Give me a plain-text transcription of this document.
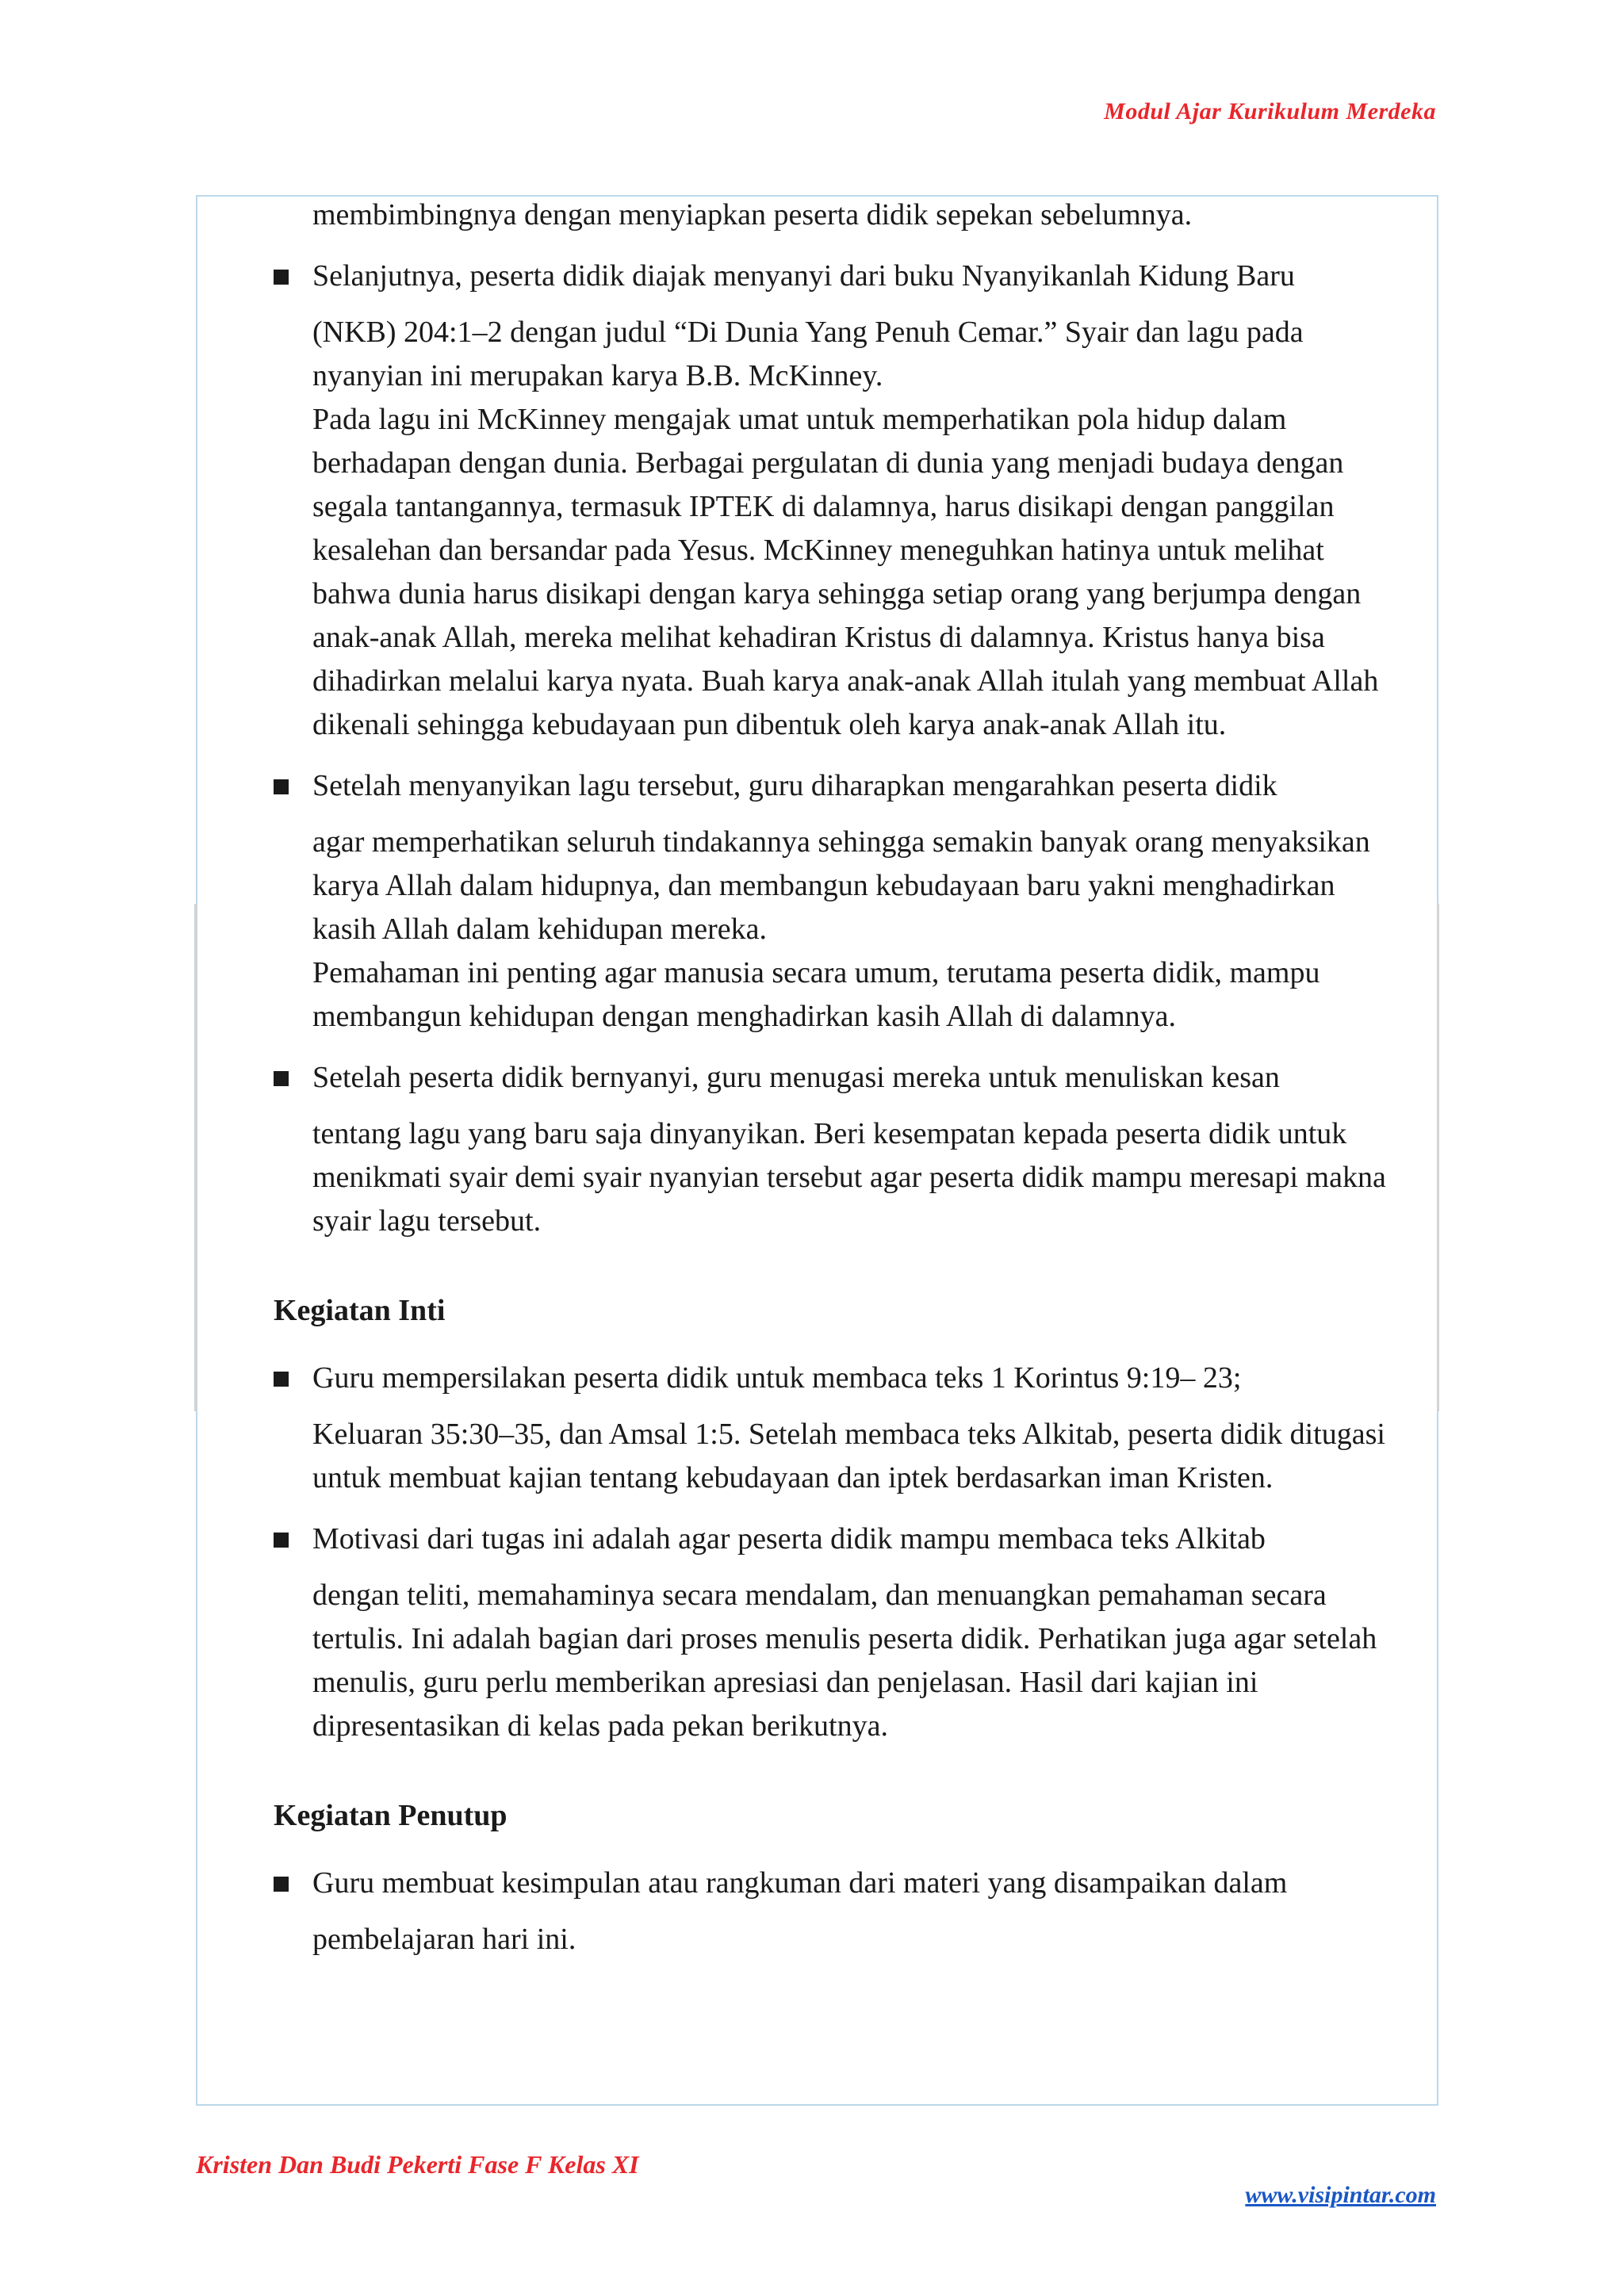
Modul Ajar Kurikulum Merdeka

membimbingnya dengan menyiapkan peserta didik sepekan sebelumnya.

Selanjutnya, peserta didik diajak menyanyi dari buku Nyanyikanlah Kidung Baru

(NKB) 204:1–2 dengan judul “Di Dunia Yang Penuh Cemar.” Syair dan lagu pada nyanyian ini merupakan karya B.B. McKinney.

Pada lagu ini McKinney mengajak umat untuk memperhatikan pola hidup dalam berhadapan dengan dunia. Berbagai pergulatan di dunia yang menjadi budaya dengan segala tantangannya, termasuk IPTEK di dalamnya, harus disikapi dengan panggilan kesalehan dan bersandar pada Yesus. McKinney meneguhkan hatinya untuk melihat bahwa dunia harus disikapi dengan karya sehingga setiap orang yang berjumpa dengan anak-anak Allah, mereka melihat kehadiran Kristus di dalamnya. Kristus hanya bisa dihadirkan melalui karya nyata. Buah karya anak-anak Allah itulah yang membuat Allah dikenali sehingga kebudayaan pun dibentuk oleh karya anak-anak Allah itu.

Setelah menyanyikan lagu tersebut, guru diharapkan mengarahkan peserta didik

agar memperhatikan seluruh tindakannya sehingga semakin banyak orang menyaksikan karya Allah dalam hidupnya, dan membangun kebudayaan baru yakni menghadirkan kasih Allah dalam kehidupan mereka.

Pemahaman ini penting agar manusia secara umum, terutama peserta didik, mampu membangun kehidupan dengan menghadirkan kasih Allah di dalamnya.

Setelah peserta didik bernyanyi, guru menugasi mereka untuk menuliskan kesan

tentang lagu yang baru saja dinyanyikan. Beri kesempatan kepada peserta didik untuk menikmati syair demi syair nyanyian tersebut agar peserta didik mampu meresapi makna syair lagu tersebut.

Kegiatan Inti

Guru mempersilakan peserta didik untuk membaca teks 1 Korintus 9:19– 23;

Keluaran 35:30–35, dan Amsal 1:5. Setelah membaca teks Alkitab, peserta didik ditugasi untuk membuat kajian tentang kebudayaan dan iptek berdasarkan iman Kristen.

Motivasi dari tugas ini adalah agar peserta didik mampu membaca teks Alkitab

dengan teliti, memahaminya secara mendalam, dan menuangkan pemahaman secara tertulis. Ini adalah bagian dari proses menulis peserta didik. Perhatikan juga agar setelah menulis, guru perlu memberikan apresiasi dan penjelasan. Hasil dari kajian ini dipresentasikan di kelas pada pekan berikutnya.

Kegiatan Penutup

Guru membuat kesimpulan atau rangkuman dari materi yang disampaikan dalam

pembelajaran hari ini.

Kristen Dan Budi Pekerti Fase F Kelas XI
www.visipintar.com
